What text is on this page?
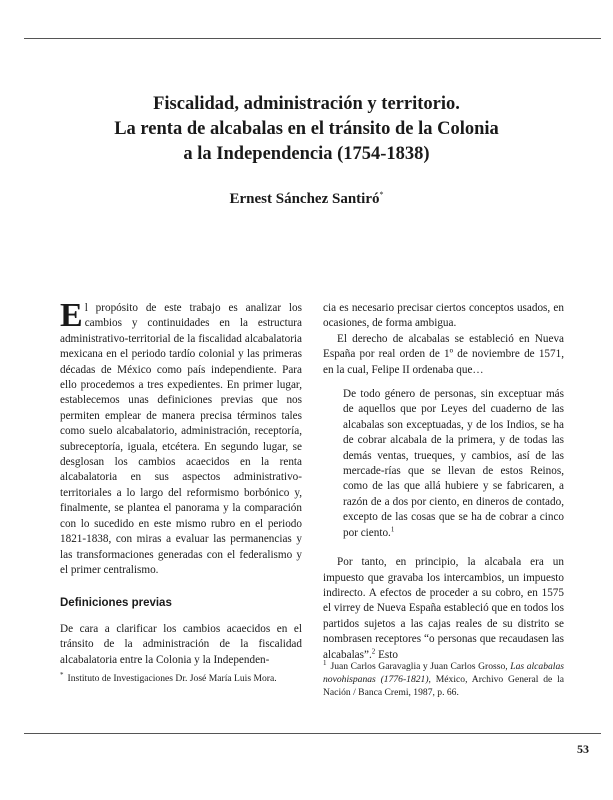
Fiscalidad, administración y territorio.
La renta de alcabalas en el tránsito de la Colonia
a la Independencia (1754-1838)
Ernest Sánchez Santiró*

El propósito de este trabajo es analizar los cambios y continuidades en la estructura administrativo-territorial de la fiscalidad alcabalatoria mexicana en el periodo tardío colonial y las primeras décadas de México como país independiente. Para ello procedemos a tres expedientes. En primer lugar, establecemos unas definiciones previas que nos permiten emplear de manera precisa términos tales como suelo alcabalatorio, administración, receptoría, subreceptoría, iguala, etcétera. En segundo lugar, se desglosan los cambios acaecidos en la renta alcabalatoria en sus aspectos administrativo-territoriales a lo largo del reformismo borbónico y, finalmente, se plantea el panorama y la comparación con lo sucedido en este mismo rubro en el periodo 1821-1838, con miras a evaluar las permanencias y las transformaciones generadas con el federalismo y el primer centralismo.

Definiciones previas

De cara a clarificar los cambios acaecidos en el tránsito de la administración de la fiscalidad alcabalatoria entre la Colonia y la Independen-

cia es necesario precisar ciertos conceptos usados, en ocasiones, de forma ambigua.

El derecho de alcabalas se estableció en Nueva España por real orden de 1º de noviembre de 1571, en la cual, Felipe II ordenaba que…

De todo género de personas, sin exceptuar más de aquellos que por Leyes del cuaderno de las alcabalas son exceptuadas, y de los Indios, se ha de cobrar alcabala de la primera, y de todas las demás ventas, trueques, y cambios, así de las mercade-rías que se llevan de estos Reinos, como de las que allá hubiere y se fabricaren, a razón de a dos por ciento, en dineros de contado, excepto de las cosas que se ha de cobrar a cinco por ciento.$^1$

Por tanto, en principio, la alcabala era un impuesto que gravaba los intercambios, un impuesto indirecto. A efectos de proceder a su cobro, en 1575 el virrey de Nueva España estableció que en todos los partidos sujetos a las cajas reales de su distrito se nombrasen receptores “o personas que recaudasen las alcabalas”.$^2$ Esto

* Instituto de Investigaciones Dr. José María Luis Mora.
$^1$ Juan Carlos Garavaglia y Juan Carlos Grosso, Las alcabalas novohispanas (1776-1821), México, Archivo General de la Nación / Banca Cremi, 1987, p. 66.
53
